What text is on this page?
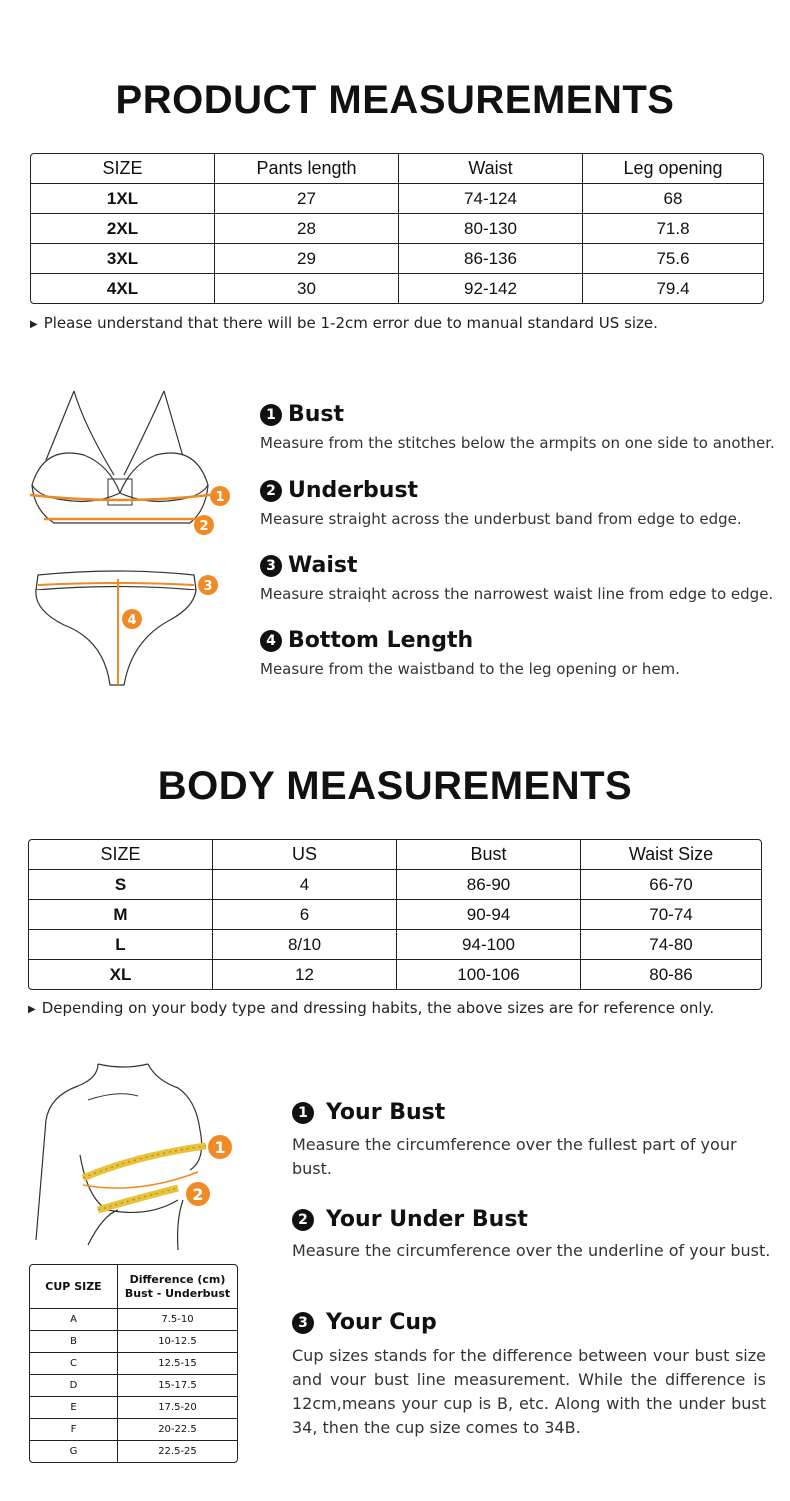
PRODUCT MEASUREMENTS
SIZE	Pants length	Waist	Leg opening
1XL	27	74-124	68
2XL	28	80-130	71.8
3XL	29	86-136	75.6
4XL	30	92-142	79.4
▶ Please understand that there will be 1-2cm error due to manual standard US size.
1
2
3
4
1 Bust
Measure from the stitches below the armpits on one side to another.
2 Underbust
Measure straight across the underbust band from edge to edge.
3 Waist
Measure straiqht across the narrowest waist line from edge to edge.
4 Bottom Length
Measure from the waistband to the leg opening or hem.
BODY MEASUREMENTS
SIZE	US	Bust	Waist Size
S	4	86-90	66-70
M	6	90-94	70-74
L	8/10	94-100	74-80
XL	12	100-106	80-86
▶ Depending on your body type and dressing habits, the above sizes are for reference only.
1
2
CUP SIZE	Difference (cm)
Bust - Underbust
A	7.5-10
B	10-12.5
C	12.5-15
D	15-17.5
E	17.5-20
F	20-22.5
G	22.5-25
1 Your Bust
Measure the circumference over the fullest part of your bust.
2 Your Under Bust
Measure the circumference over the underline of your bust.
3 Your Cup
Cup sizes stands for the difference between vour bust size and vour bust line measurement. While the difference is 12cm,means your cup is B, etc. Along with the under bust 34, then the cup size comes to 34B.
